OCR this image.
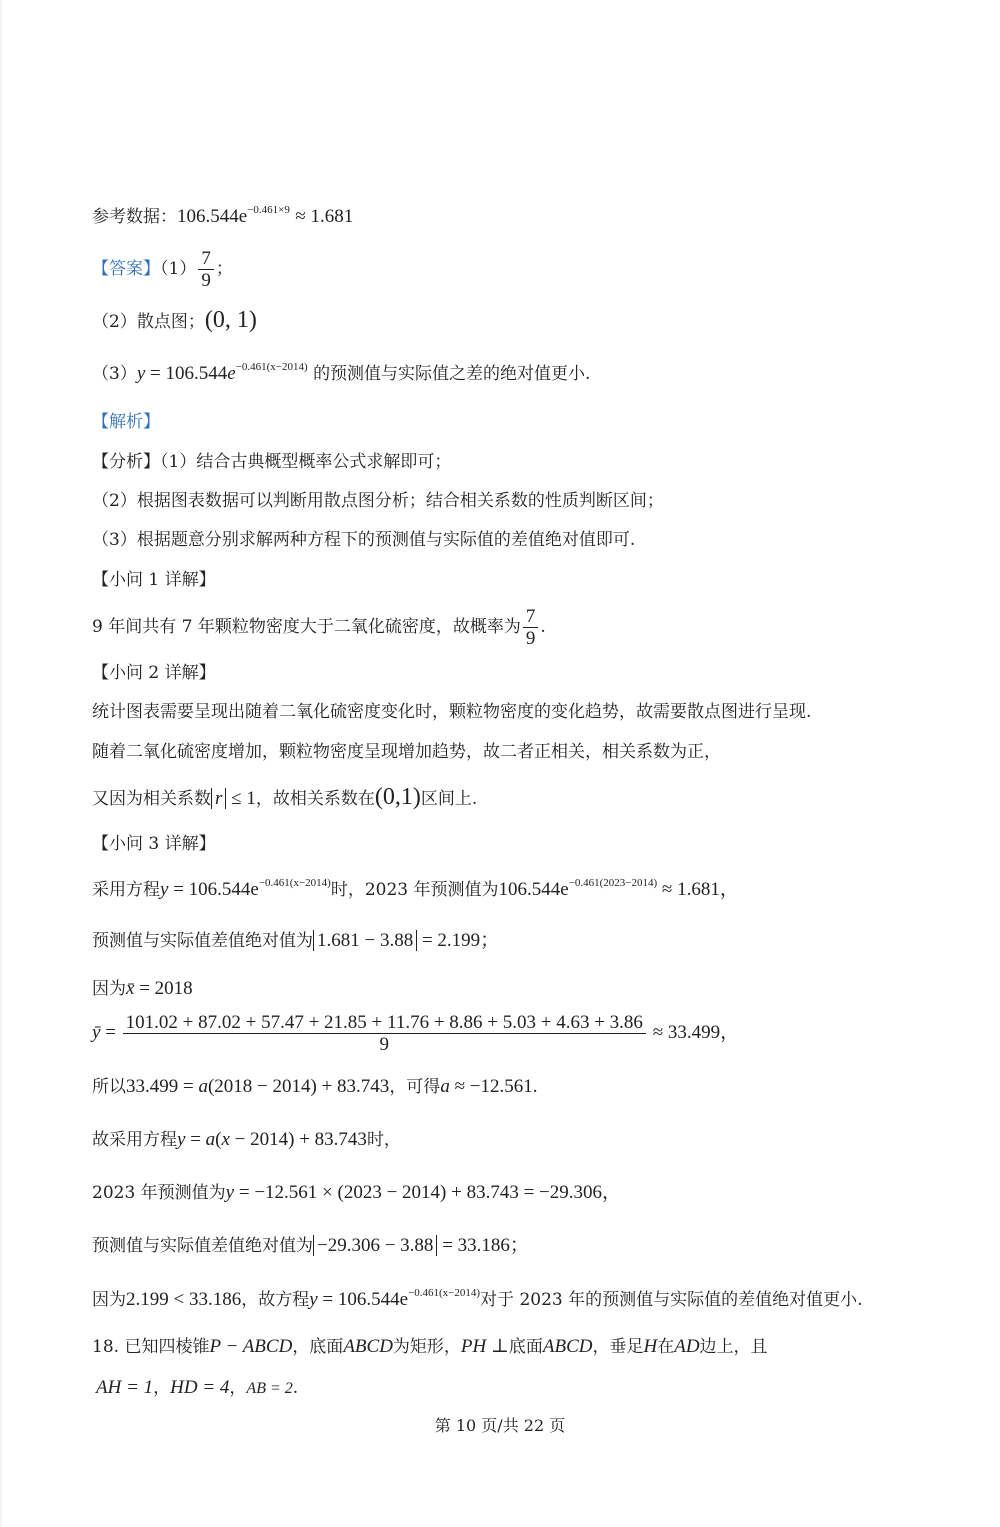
参考数据：$106.544e^{-0.461\times 9} \approx 1.681$
【答案】$(1) \frac{7}{9}$ ；
（2）散点图；(0, 1)
$(3)y = 106.544e^{-0.461(x-2014)}$ 的预测值与实际值之差的绝对值更小.
【解析】
【分析】（1）结合古典概型概率公式求解即可；
（2）根据图表数据可以判断用散点图分析；结合相关系数的性质判断区间；
（3）根据题意分别求解两种方程下的预测值与实际值的差值绝对值即可.
【小问 1 详解】
9 年间共有 7 年颗粒物密度大于二氧化硫密度，故概率为 $\frac{7}{9}$ .
【小问 2 详解】
统计图表需要呈现出随着二氧化硫密度变化时，颗粒物密度的变化趋势，故需要散点图进行呈现.
随着二氧化硫密度增加，颗粒物密度呈现增加趋势，故二者正相关，相关系数为正，
又因为相关系数 r ≤ 1，故相关系数在(0,1)区间上.
【小问 3 详解】
采用方程$y = 106.544e^{-0.461(x-2014)}$时，2023 年预测值为$106.544e^{-0.461(2023-2014)} \approx 1.681$，
预测值与实际值差值绝对值为 1.681 − 3.88 = 2.199；
因为x̄ = 2018
ȳ = 101.02 + 87.02 + 57.47 + 21.85 + 11.76 + 8.86 + 5.03 + 4.63 + 3.86
9
≈ 33.499，
所以33.499 = a(2018 − 2014) + 83.743，可得a ≈ −12.561.
故采用方程y = a(x − 2014) + 83.743时，
2023 年预测值为y = −12.561 × (2023 − 2014) + 83.743 = −29.306，
预测值与实际值差值绝对值为 −29.306 − 3.88 = 33.186；
因为2.199 < 33.186，故方程$y = 106.544e^{-0.461(x-2014)}$对于 2023 年的预测值与实际值的差值绝对值更小.
18. 已知四棱锥P − ABCD，底面ABCD为矩形，PH ⊥底面ABCD，垂足H在AD边上，且
AH = 1，HD = 4，AB = 2.
第 10 页/共 22 页
